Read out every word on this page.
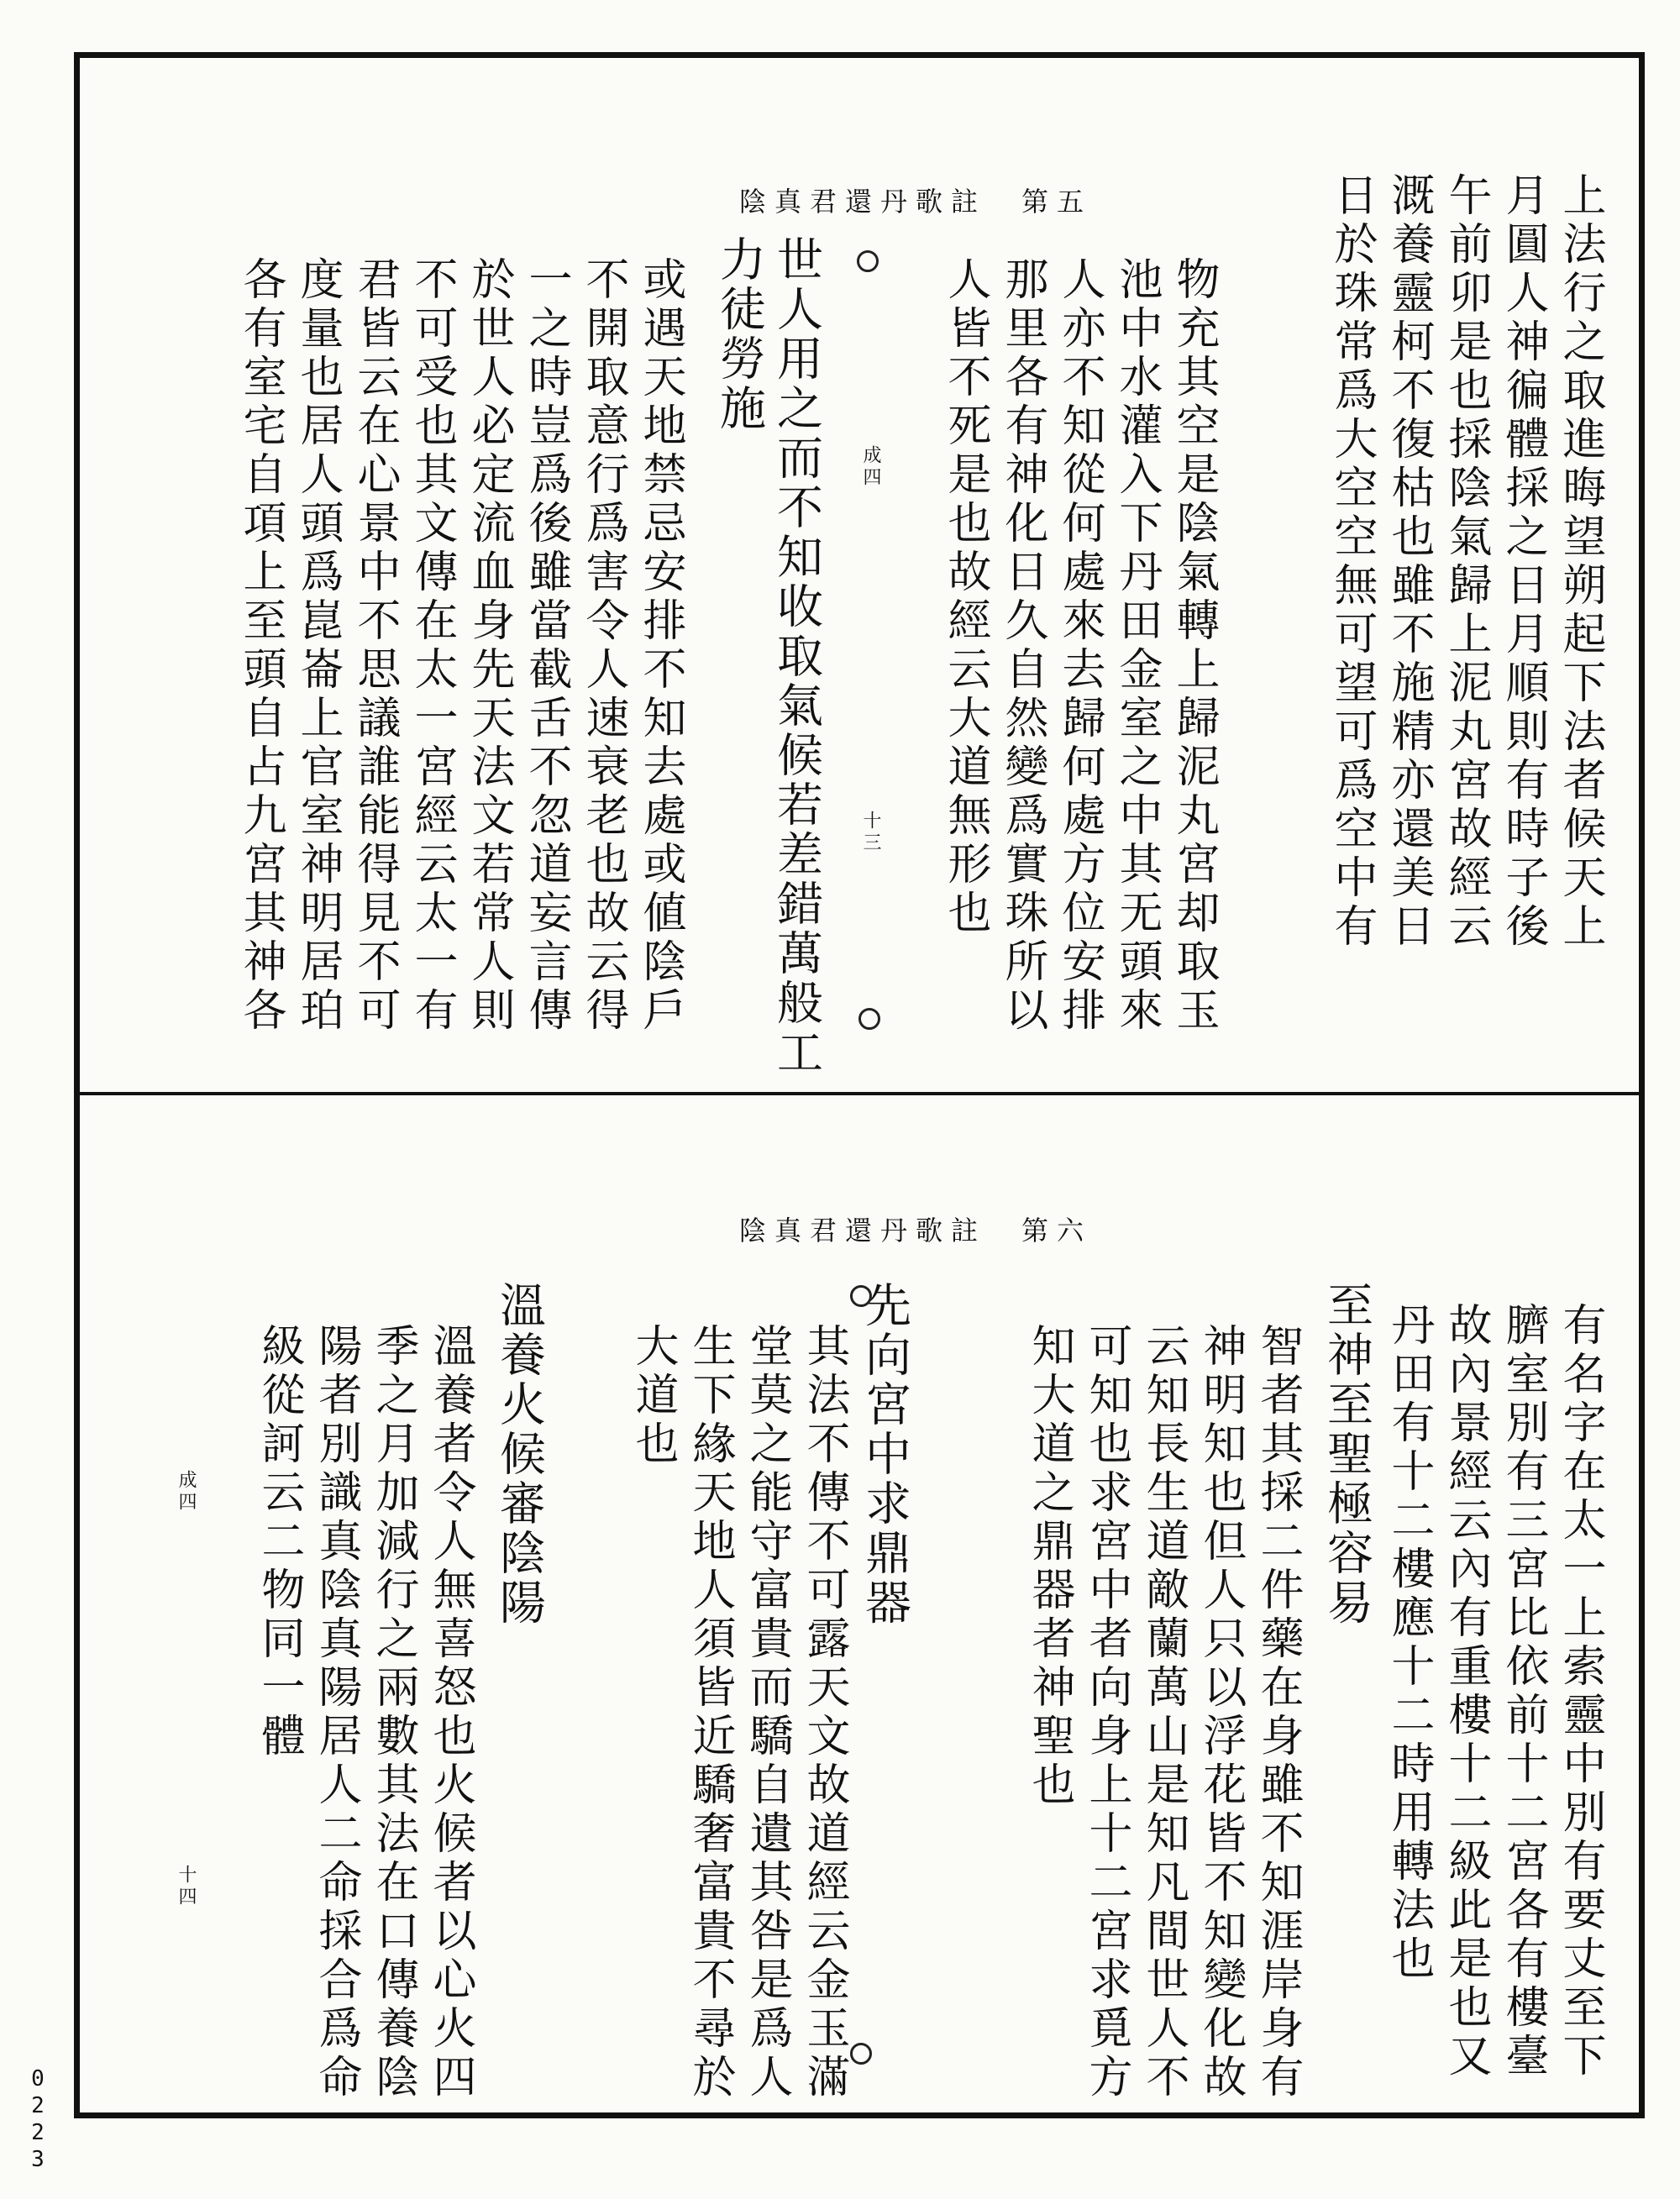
陰真君還丹歌註　第五	上法行之取進晦望朔起下法者候天上
月圓人神徧體採之日月順則有時子後
午前卯是也採陰氣歸上泥丸宮故經云
溉養靈柯不復枯也雖不施精亦還美日
日於珠常爲大空空無可望可爲空中有
物充其空是陰氣轉上歸泥丸宮却取玉
池中水灌入下丹田金室之中其无頭來
人亦不知從何處來去歸何處方位安排
那里各有神化日久自然變爲實珠所以
人皆不死是也故經云大道無形也
成四
十三
世人用之而不知收取氣候若差錯萬般工
力徒勞施
或遇天地禁忌安排不知去處或値陰戶
不開取意行爲害令人速衰老也故云得
一之時豈爲後雖當截舌不忽道妄言傳
於世人必定流血身先天法文若常人則
不可受也其文傳在太一宮經云太一有
君皆云在心景中不思議誰能得見不可
度量也居人頭爲崑崙上官室神明居珀
各有室宅自項上至頭自占九宮其神各
陰真君還丹歌註　第六
有名字在太一上索靈中別有要丈至下
臍室別有三宮比依前十二宮各有樓臺
故內景經云內有重樓十二級此是也又
丹田有十二樓應十二時用轉法也
至神至聖極容易
智者其採二件藥在身雖不知涯岸身有
神明知也但人只以浮花皆不知變化故
云知長生道敵蘭萬山是知凡間世人不
可知也求宮中者向身上十二宮求覓方
知大道之鼎器者神聖也
先向宮中求鼎器
其法不傳不可露天文故道經云金玉滿
堂莫之能守富貴而驕自遺其咎是爲人
生下緣天地人須皆近驕奢富貴不尋於
大道也
溫養火候審陰陽
溫養者令人無喜怒也火候者以心火四
季之月加減行之兩數其法在口傳養陰
陽者別識真陰真陽居人二命採合爲命
級從訶云二物同一體
成四
十四
0223
